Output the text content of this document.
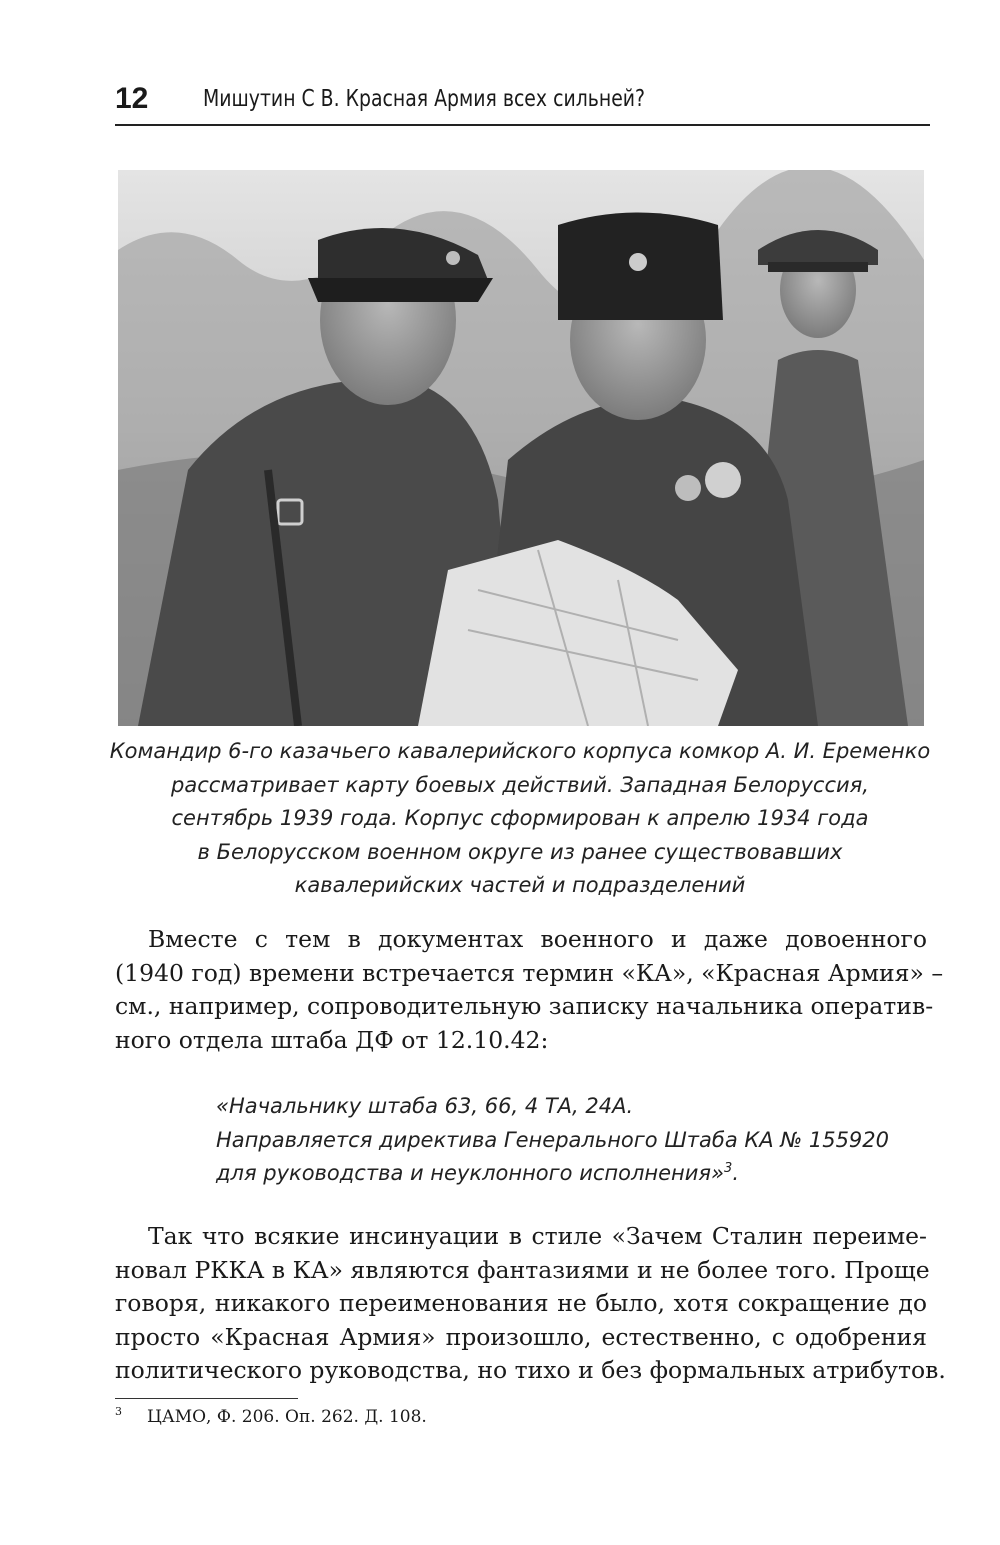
12 Мишутин С В. Красная Армия всех сильней?
Командир 6-го казачьего кавалерийского корпуса комкор А. И. Еременко
рассматривает карту боевых действий. Западная Белоруссия,
сентябрь 1939 года. Корпус сформирован к апрелю 1934 года
в Белорусском военном округе из ранее существовавших
кавалерийских частей и подразделений
Вместе с тем в документах военного и даже довоенного
(1940 год) времени встречается термин «КА», «Красная Армия» –
см., например, сопроводительную записку начальника оператив-
ного отдела штаба ДФ от 12.10.42:
«Начальнику штаба 63, 66, 4 ТА, 24А.
Направляется директива Генерального Штаба КА № 155920
для руководства и неуклонного исполнения»$^3$.
Так что всякие инсинуации в стиле «Зачем Сталин переиме-
новал РККА в КА» являются фантазиями и не более того. Проще
говоря, никакого переименования не было, хотя сокращение до
просто «Красная Армия» произошло, естественно, с одобрения
политического руководства, но тихо и без формальных атрибутов.
3 ЦАМО, Ф. 206. Оп. 262. Д. 108.
